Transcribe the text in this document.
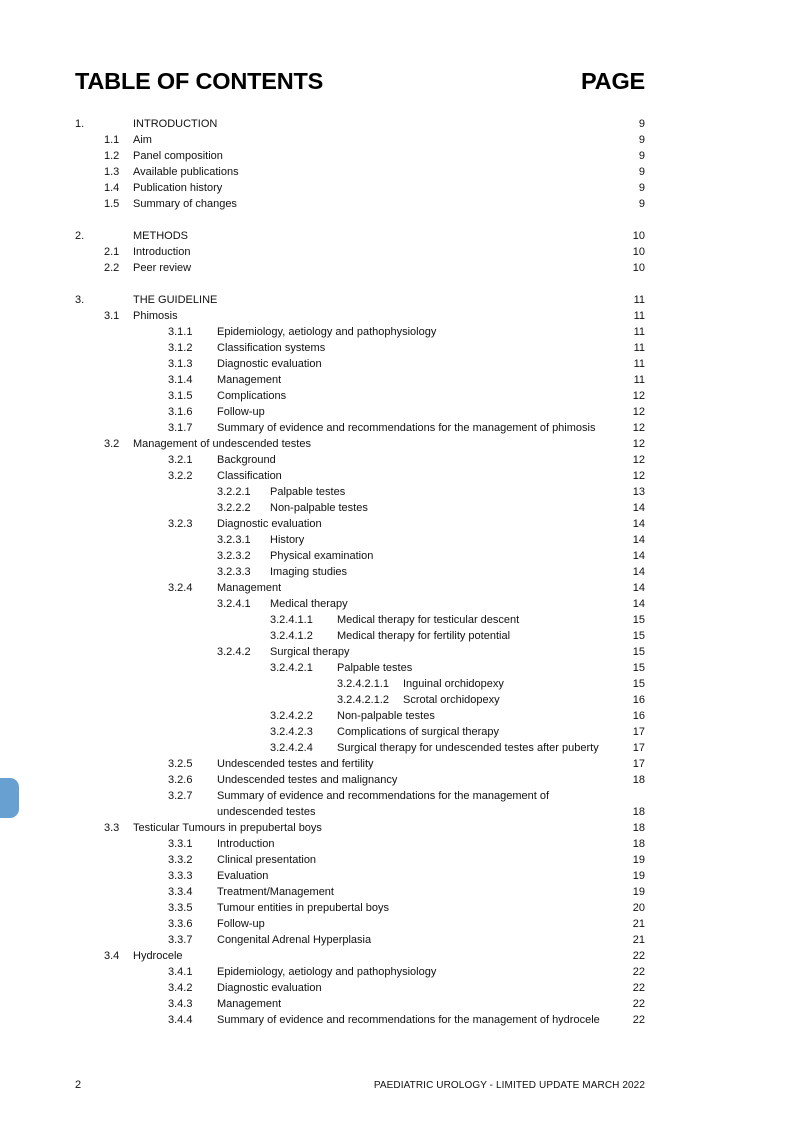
TABLE OF CONTENTS	PAGE
1.	INTRODUCTION	9
1.1 Aim	9
1.2 Panel composition	9
1.3 Available publications	9
1.4 Publication history	9
1.5 Summary of changes	9
2.	METHODS	10
2.1 Introduction	10
2.2 Peer review	10
3.	THE GUIDELINE	11
3.1 Phimosis	11
3.1.1 Epidemiology, aetiology and pathophysiology	11
3.1.2 Classification systems	11
3.1.3 Diagnostic evaluation	11
3.1.4 Management	11
3.1.5 Complications	12
3.1.6 Follow-up	12
3.1.7 Summary of evidence and recommendations for the management of phimosis	12
3.2 Management of undescended testes	12
3.2.1 Background	12
3.2.2 Classification	12
3.2.2.1 Palpable testes	13
3.2.2.2 Non-palpable testes	14
3.2.3 Diagnostic evaluation	14
3.2.3.1 History	14
3.2.3.2 Physical examination	14
3.2.3.3 Imaging studies	14
3.2.4 Management	14
3.2.4.1 Medical therapy	14
3.2.4.1.1 Medical therapy for testicular descent	15
3.2.4.1.2 Medical therapy for fertility potential	15
3.2.4.2 Surgical therapy	15
3.2.4.2.1 Palpable testes	15
3.2.4.2.1.1 Inguinal orchidopexy	15
3.2.4.2.1.2 Scrotal orchidopexy	16
3.2.4.2.2 Non-palpable testes	16
3.2.4.2.3 Complications of surgical therapy	17
3.2.4.2.4 Surgical therapy for undescended testes after puberty	17
3.2.5 Undescended testes and fertility	17
3.2.6 Undescended testes and malignancy	18
3.2.7 Summary of evidence and recommendations for the management of
undescended testes	18
3.3 Testicular Tumours in prepubertal boys	18
3.3.1 Introduction	18
3.3.2 Clinical presentation	19
3.3.3 Evaluation	19
3.3.4 Treatment/Management	19
3.3.5 Tumour entities in prepubertal boys	20
3.3.6 Follow-up	21
3.3.7 Congenital Adrenal Hyperplasia	21
3.4 Hydrocele	22
3.4.1 Epidemiology, aetiology and pathophysiology	22
3.4.2 Diagnostic evaluation	22
3.4.3 Management	22
3.4.4 Summary of evidence and recommendations for the management of hydrocele	22
2	PAEDIATRIC UROLOGY - LIMITED UPDATE MARCH 2022
